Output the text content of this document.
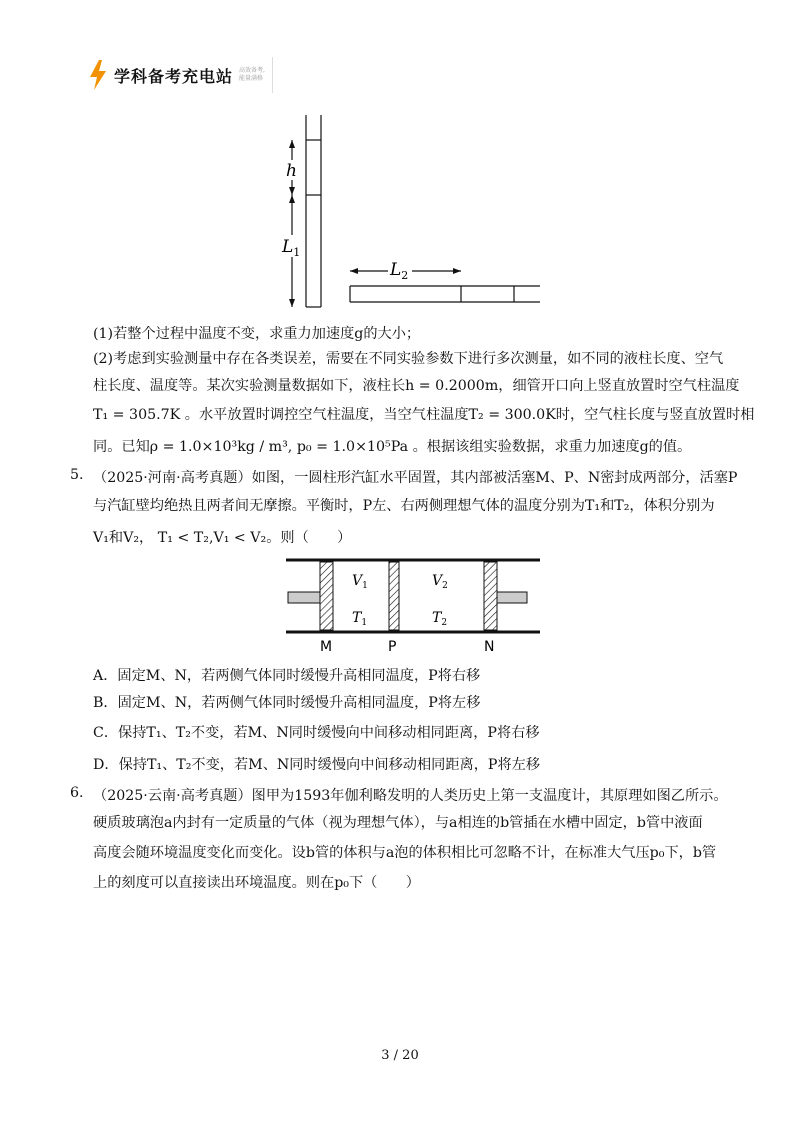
学科备考充电站 高效备考,
能量满格
h
$L_1$
$L_2$
(1)若整个过程中温度不变，求重力加速度g的大小；
(2)考虑到实验测量中存在各类误差，需要在不同实验参数下进行多次测量，如不同的液柱长度、空气
柱长度、温度等。某次实验测量数据如下，液柱长h = 0.2000m，细管开口向上竖直放置时空气柱温度
T₁ = 305.7K 。水平放置时调控空气柱温度，当空气柱温度T₂ = 300.0K时，空气柱长度与竖直放置时相
同。已知ρ = 1.0×10³kg / m³, p₀ = 1.0×10⁵Pa 。根据该组实验数据，求重力加速度g的值。
5. （2025·河南·高考真题）如图，一圆柱形汽缸水平固置，其内部被活塞M、P、N密封成两部分，活塞P
与汽缸壁均绝热且两者间无摩擦。平衡时，P左、右两侧理想气体的温度分别为T₁和T₂，体积分别为
V₁和V₂， T₁ < T₂,V₁ < V₂。则（　　）
$V_1$	$V_2$
$T_1$	$T_2$
M	P	N
A．固定M、N，若两侧气体同时缓慢升高相同温度，P将右移
B．固定M、N，若两侧气体同时缓慢升高相同温度，P将左移
C．保持T₁、T₂不变，若M、N同时缓慢向中间移动相同距离，P将右移
D．保持T₁、T₂不变，若M、N同时缓慢向中间移动相同距离，P将左移
6. （2025·云南·高考真题）图甲为1593年伽利略发明的人类历史上第一支温度计，其原理如图乙所示。
硬质玻璃泡a内封有一定质量的气体（视为理想气体），与a相连的b管插在水槽中固定，b管中液面
高度会随环境温度变化而变化。设b管的体积与a泡的体积相比可忽略不计，在标准大气压p₀下，b管
上的刻度可以直接读出环境温度。则在p₀下（　　）
3 / 20
